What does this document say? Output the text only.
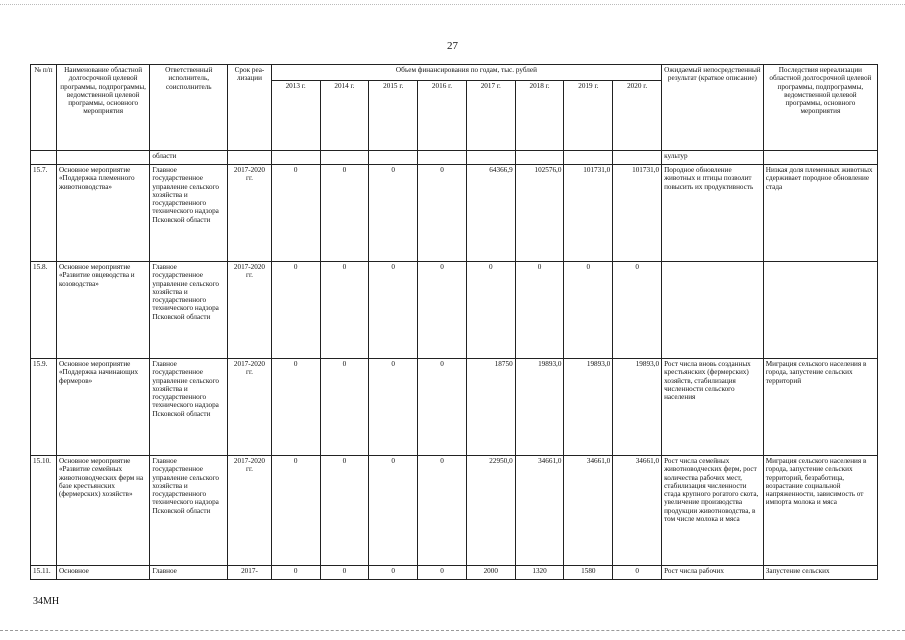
27
№ п/п	Наименование областной долгосрочной целевой программы, подпрограммы, ведомственной целевой программы, основного мероприятия	Ответственный исполнитель, соисполнитель	Срок реа-лизации	Объем финансирования по годам, тыс. рублей								Ожидаемый непосредственный результат (краткое описание)	Последствия нереализации областной долгосрочной целевой программы, подпрограммы, ведомственной целевой программы, основного мероприятия
				2013 г.	2014 г.	2015 г.	2016 г.	2017 г.	2018 г.	2019 г.	2020 г.		
		области										культур	
15.7.	Основное мероприятие «Поддержка племенного животноводства»	Главное государственное управление сельского хозяйства и государственного технического надзора Псковской области	2017-2020 гг.	0	0	0	0	64366,9	102576,0	101731,0	101731,0	Породное обновление животных и птицы позволит повысить их продуктивность	Низкая доля племенных животных сдерживает породное обновление стада
15.8.	Основное мероприятие «Развитие овцеводства и козоводства»	Главное государственное управление сельского хозяйства и государственного технического надзора Псковской области	2017-2020 гг.	0	0	0	0	0	0	0	0		
15.9.	Основное мероприятие «Поддержка начинающих фермеров»	Главное государственное управление сельского хозяйства и государственного технического надзора Псковской области	2017-2020 гг.	0	0	0	0	18750	19893,0	19893,0	19893,0	Рост числа вновь созданных крестьянских (фермерских) хозяйств, стабилизация численности сельского населения	Миграция сельского населения в города, запустение сельских территорий
15.10.	Основное мероприятие «Развитие семейных животноводческих ферм на базе крестьянских (фермерских) хозяйств»	Главное государственное управление сельского хозяйства и государственного технического надзора Псковской области	2017-2020 гг.	0	0	0	0	22950,0	34661,0	34661,0	34661,0	Рост числа семейных животноводческих ферм, рост количества рабочих мест, стабилизация численности стада крупного рогатого скота, увеличение производства продукции животноводства, в том числе молока и мяса	Миграция сельского населения в города, запустение сельских территорий, безработица, возрастание социальной напряженности, зависимость от импорта молока и мяса
15.11.	Основное	Главное	2017-	0	0	0	0	2000	1320	1580	0	Рост числа рабочих	Запустение сельских
34МН
